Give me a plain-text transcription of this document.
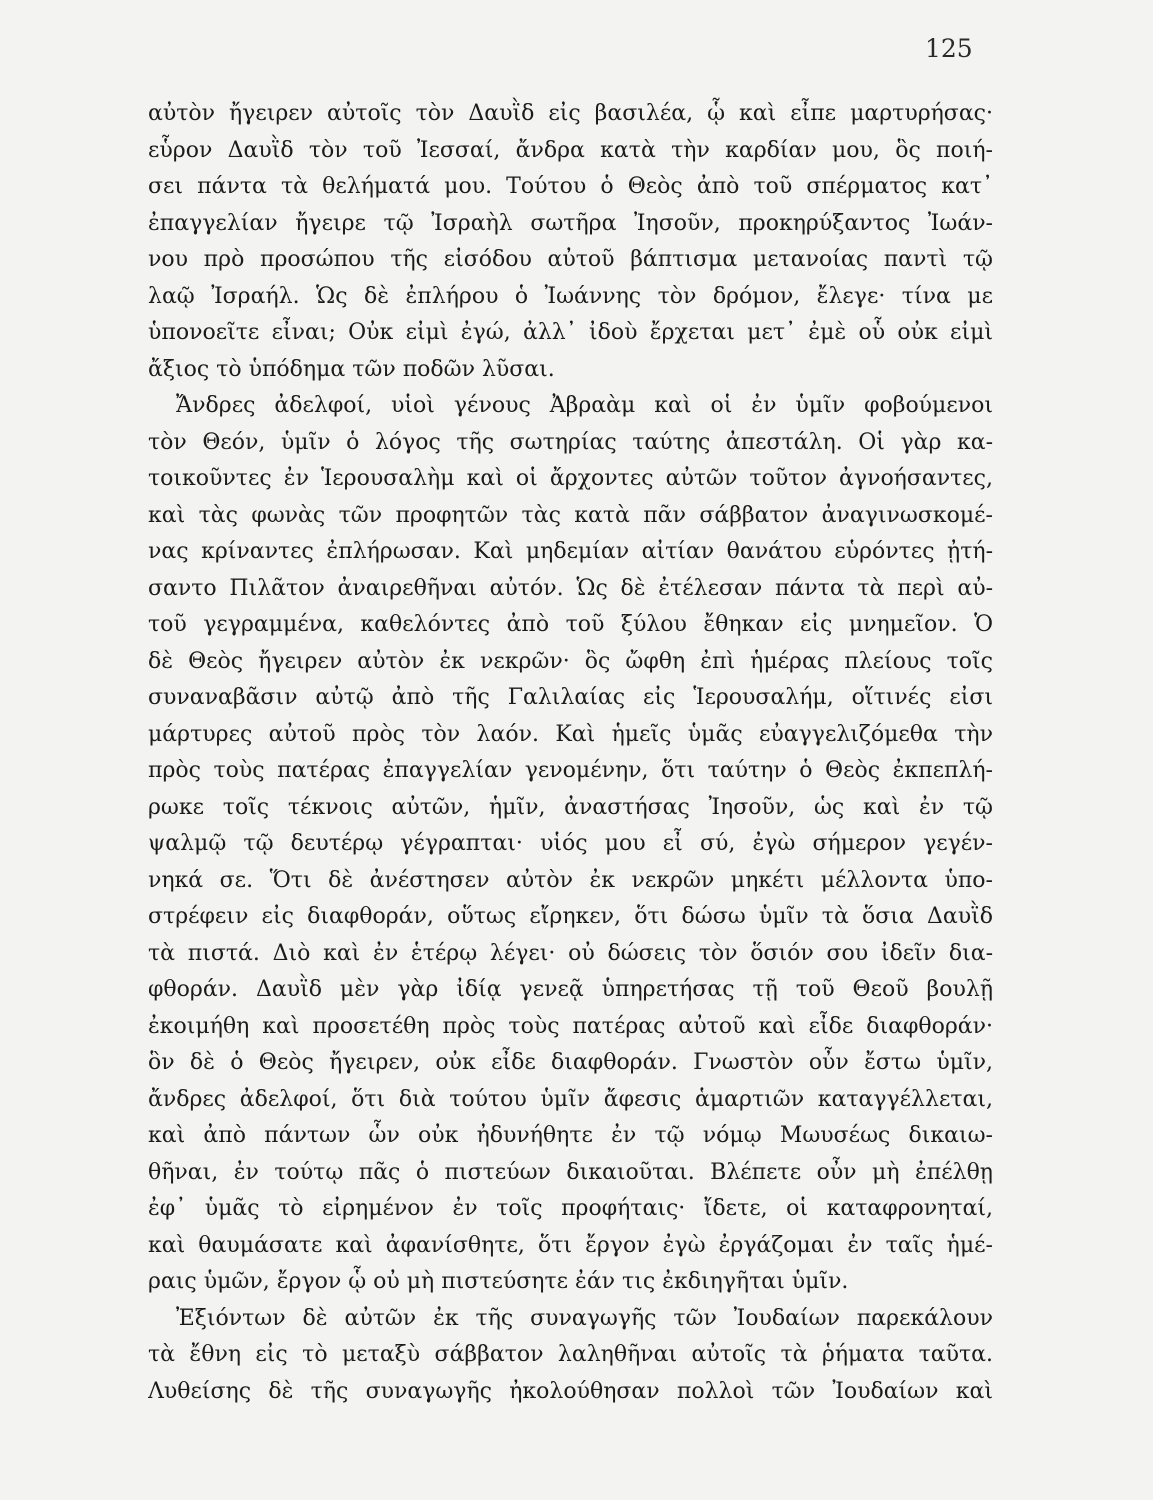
125
αὐτὸν ἤγειρεν αὐτοῖς τὸν Δαυῒδ εἰς βασιλέα, ᾧ καὶ εἶπε μαρτυρήσας·
εὗρον Δαυῒδ τὸν τοῦ Ἰεσσαί, ἄνδρα κατὰ τὴν καρδίαν μου, ὃς ποιή-
σει πάντα τὰ θελήματά μου. Τούτου ὁ Θεὸς ἀπὸ τοῦ σπέρματος κατ᾽
ἐπαγγελίαν ἤγειρε τῷ Ἰσραὴλ σωτῆρα Ἰησοῦν, προκηρύξαντος Ἰωάν-
νου πρὸ προσώπου τῆς εἰσόδου αὐτοῦ βάπτισμα μετανοίας παντὶ τῷ
λαῷ Ἰσραήλ. Ὡς δὲ ἐπλήρου ὁ Ἰωάννης τὸν δρόμον, ἔλεγε· τίνα με
ὑπονοεῖτε εἶναι; Οὐκ εἰμὶ ἐγώ, ἀλλ᾽ ἰδοὺ ἔρχεται μετ᾽ ἐμὲ οὗ οὐκ εἰμὶ
ἄξιος τὸ ὑπόδημα τῶν ποδῶν λῦσαι.
Ἄνδρες ἀδελφοί, υἱοὶ γένους Ἀβραὰμ καὶ οἱ ἐν ὑμῖν φοβούμενοι
τὸν Θεόν, ὑμῖν ὁ λόγος τῆς σωτηρίας ταύτης ἀπεστάλη. Οἱ γὰρ κα-
τοικοῦντες ἐν Ἱερουσαλὴμ καὶ οἱ ἄρχοντες αὐτῶν τοῦτον ἀγνοήσαντες,
καὶ τὰς φωνὰς τῶν προφητῶν τὰς κατὰ πᾶν σάββατον ἀναγινωσκομέ-
νας κρίναντες ἐπλήρωσαν. Καὶ μηδεμίαν αἰτίαν θανάτου εὑρόντες ᾐτή-
σαντο Πιλᾶτον ἀναιρεθῆναι αὐτόν. Ὡς δὲ ἐτέλεσαν πάντα τὰ περὶ αὐ-
τοῦ γεγραμμένα, καθελόντες ἀπὸ τοῦ ξύλου ἔθηκαν εἰς μνημεῖον. Ὁ
δὲ Θεὸς ἤγειρεν αὐτὸν ἐκ νεκρῶν· ὃς ὤφθη ἐπὶ ἡμέρας πλείους τοῖς
συναναβᾶσιν αὐτῷ ἀπὸ τῆς Γαλιλαίας εἰς Ἱερουσαλήμ, οἵτινές εἰσι
μάρτυρες αὐτοῦ πρὸς τὸν λαόν. Καὶ ἡμεῖς ὑμᾶς εὐαγγελιζόμεθα τὴν
πρὸς τοὺς πατέρας ἐπαγγελίαν γενομένην, ὅτι ταύτην ὁ Θεὸς ἐκπεπλή-
ρωκε τοῖς τέκνοις αὐτῶν, ἡμῖν, ἀναστήσας Ἰησοῦν, ὡς καὶ ἐν τῷ
ψαλμῷ τῷ δευτέρῳ γέγραπται· υἱός μου εἶ σύ, ἐγὼ σήμερον γεγέν-
νηκά σε. Ὅτι δὲ ἀνέστησεν αὐτὸν ἐκ νεκρῶν μηκέτι μέλλοντα ὑπο-
στρέφειν εἰς διαφθοράν, οὕτως εἴρηκεν, ὅτι δώσω ὑμῖν τὰ ὅσια Δαυῒδ
τὰ πιστά. Διὸ καὶ ἐν ἑτέρῳ λέγει· οὐ δώσεις τὸν ὅσιόν σου ἰδεῖν δια-
φθοράν. Δαυῒδ μὲν γὰρ ἰδίᾳ γενεᾷ ὑπηρετήσας τῇ τοῦ Θεοῦ βουλῇ
ἐκοιμήθη καὶ προσετέθη πρὸς τοὺς πατέρας αὐτοῦ καὶ εἶδε διαφθοράν·
ὃν δὲ ὁ Θεὸς ἤγειρεν, οὐκ εἶδε διαφθοράν. Γνωστὸν οὖν ἔστω ὑμῖν,
ἄνδρες ἀδελφοί, ὅτι διὰ τούτου ὑμῖν ἄφεσις ἁμαρτιῶν καταγγέλλεται,
καὶ ἀπὸ πάντων ὧν οὐκ ἠδυνήθητε ἐν τῷ νόμῳ Μωυσέως δικαιω-
θῆναι, ἐν τούτῳ πᾶς ὁ πιστεύων δικαιοῦται. Βλέπετε οὖν μὴ ἐπέλθῃ
ἐφ᾽ ὑμᾶς τὸ εἰρημένον ἐν τοῖς προφήταις· ἴδετε, οἱ καταφρονηταί,
καὶ θαυμάσατε καὶ ἀφανίσθητε, ὅτι ἔργον ἐγὼ ἐργάζομαι ἐν ταῖς ἡμέ-
ραις ὑμῶν, ἔργον ᾧ οὐ μὴ πιστεύσητε ἐάν τις ἐκδιηγῆται ὑμῖν.
Ἐξιόντων δὲ αὐτῶν ἐκ τῆς συναγωγῆς τῶν Ἰουδαίων παρεκάλουν
τὰ ἔθνη εἰς τὸ μεταξὺ σάββατον λαληθῆναι αὐτοῖς τὰ ῥήματα ταῦτα.
Λυθείσης δὲ τῆς συναγωγῆς ἠκολούθησαν πολλοὶ τῶν Ἰουδαίων καὶ
